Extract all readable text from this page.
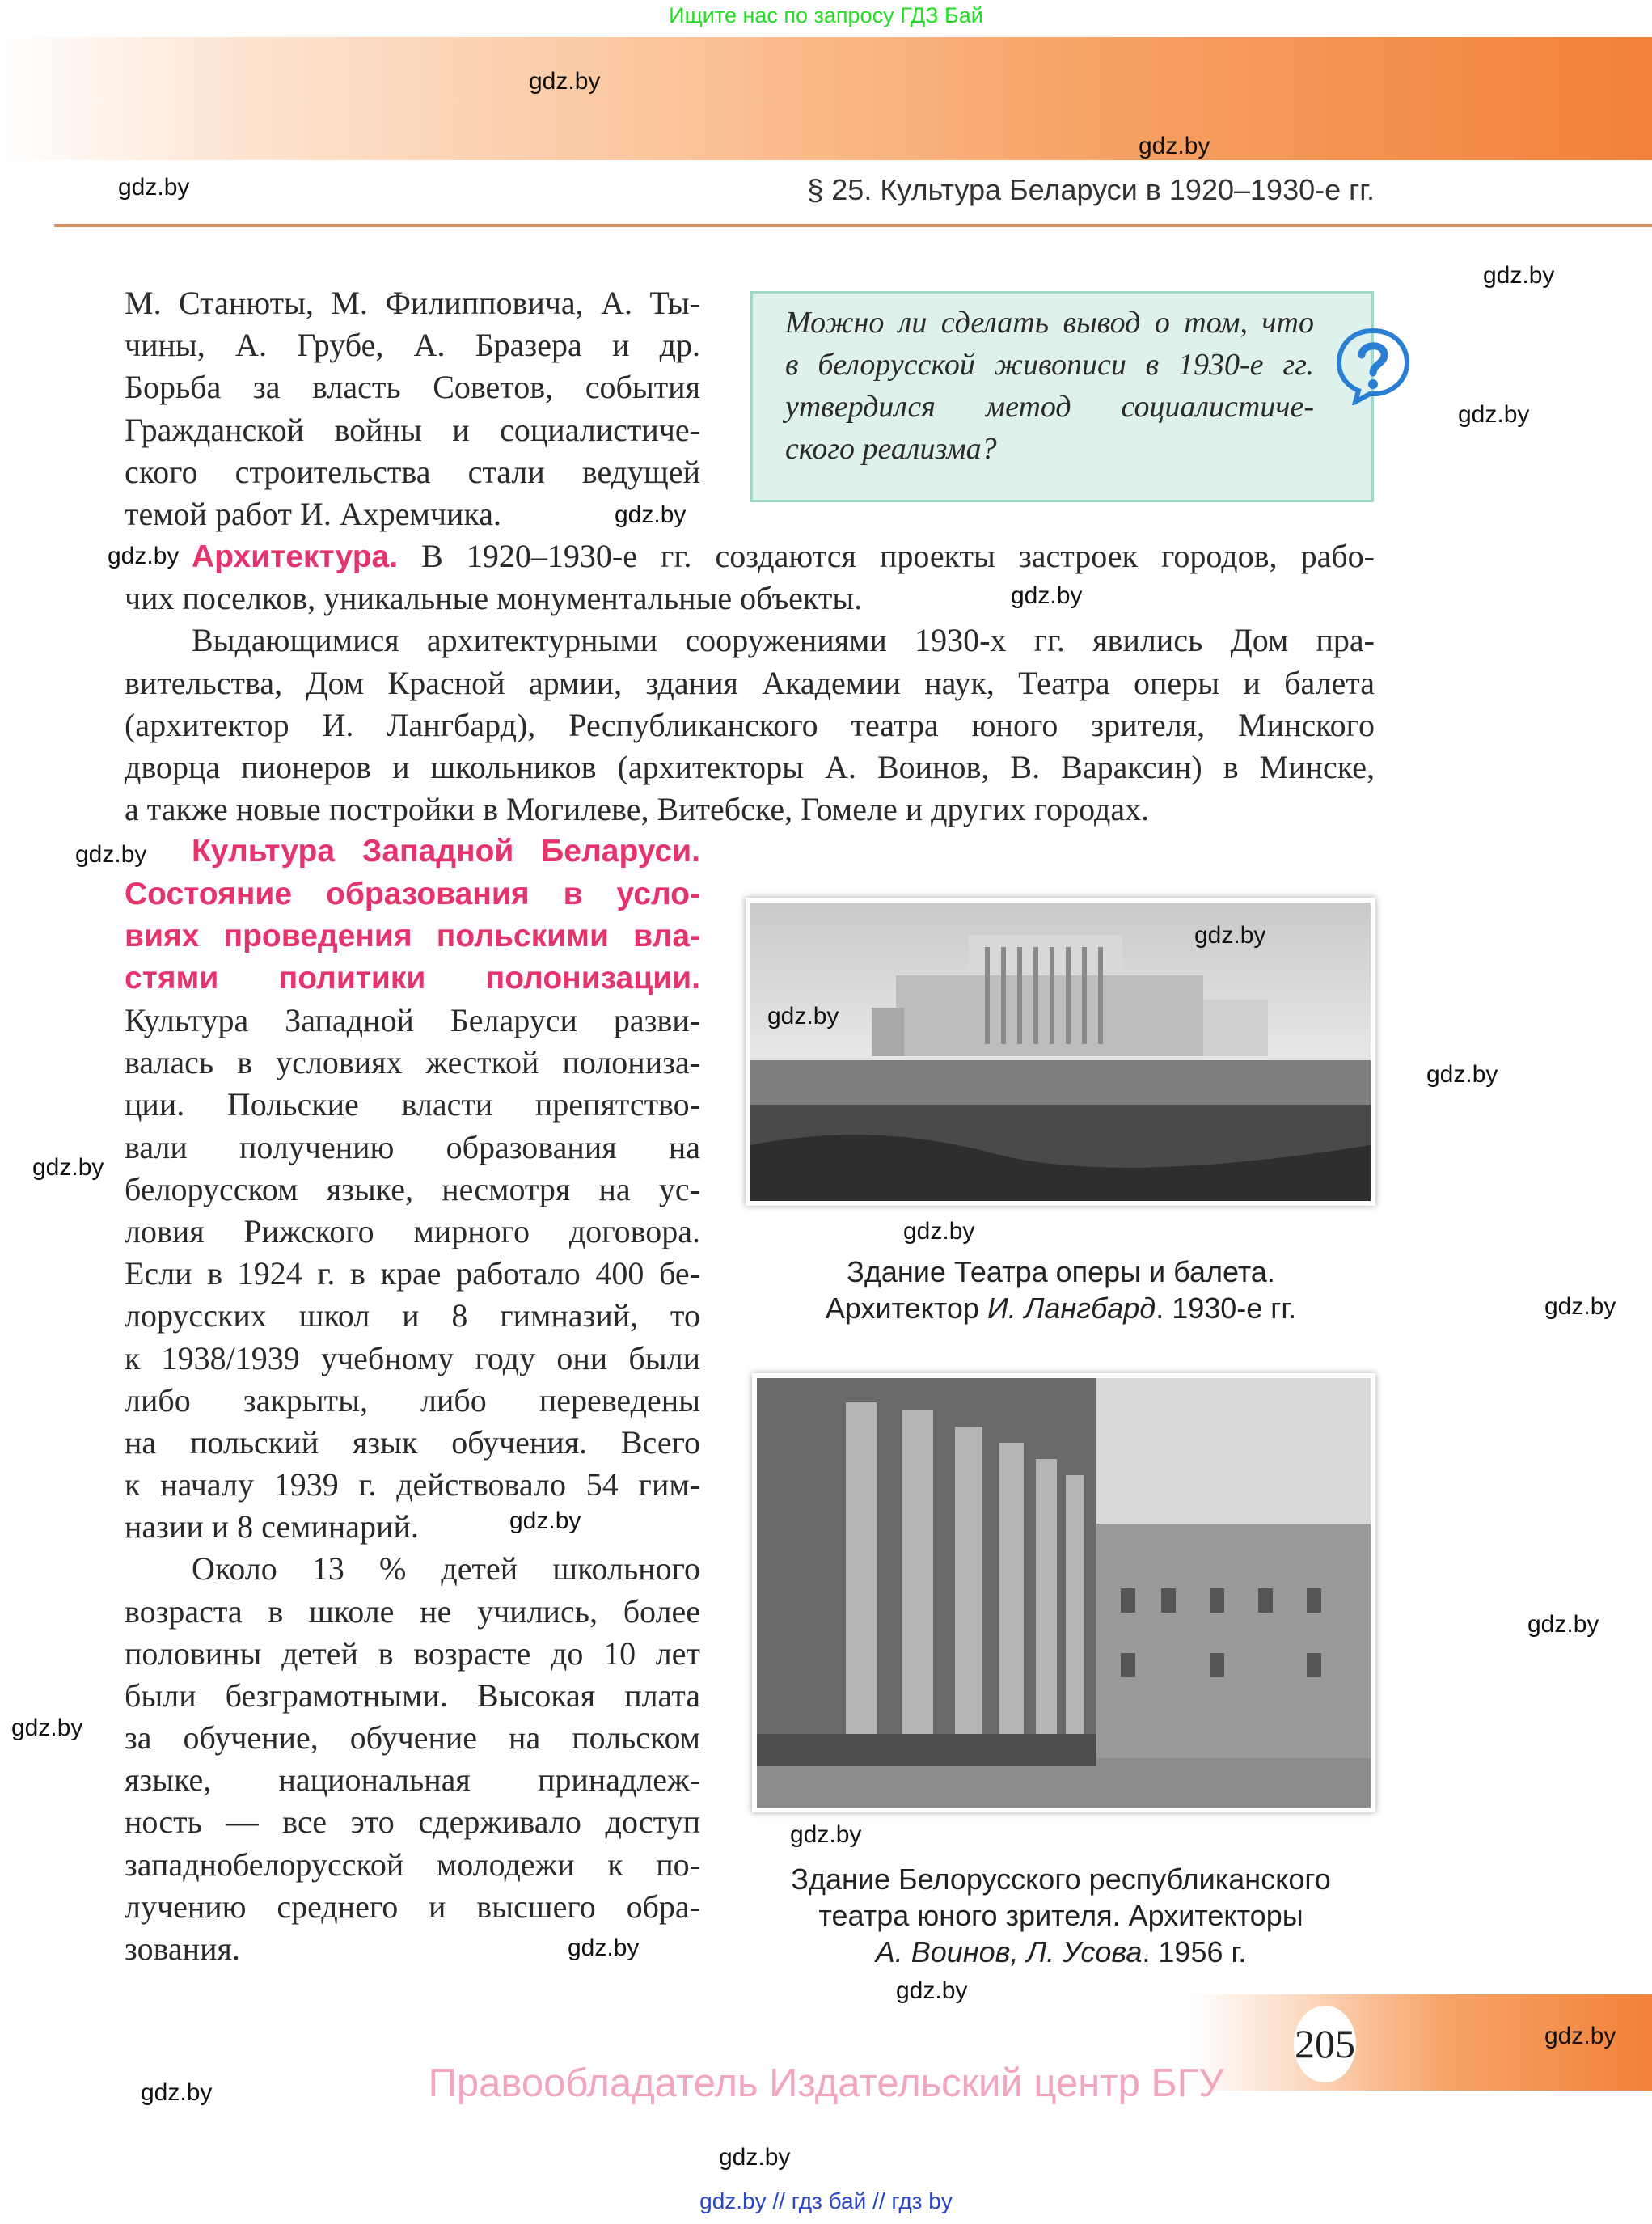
Ищите нас по запросу ГДЗ Бай
§ 25. Культура Беларуси в 1920–1930-е гг.
М. Станюты, М. Филипповича, А. Ты-
чины, А. Грубе, А. Бразера и др.
Борьба за власть Советов, события
Гражданской войны и социалистиче-
ского строительства стали ведущей
темой работ И. Ахремчика.
Архитектура. В 1920–1930-е гг. создаются проекты застроек городов, рабо-
чих поселков, уникальные монументальные объекты.
Выдающимися архитектурными сооружениями 1930-х гг. явились Дом пра-
вительства, Дом Красной армии, здания Академии наук, Театра оперы и балета
(архитектор И. Лангбард), Республиканского театра юного зрителя, Минского
дворца пионеров и школьников (архитекторы А. Воинов, В. Вараксин) в Минске,
а также новые постройки в Могилеве, Витебске, Гомеле и других городах.
Культура Западной Беларуси.
Состояние образования в усло-
виях проведения польскими вла-
стями политики полонизации.
Культура Западной Беларуси разви-
валась в условиях жесткой полониза-
ции. Польские власти препятство-
вали получению образования на
белорусском языке, несмотря на ус-
ловия Рижского мирного договора.
Если в 1924 г. в крае работало 400 бе-
лорусских школ и 8 гимназий, то
к 1938/1939 учебному году они были
либо закрыты, либо переведены
на польский язык обучения. Всего
к началу 1939 г. действовало 54 гим-
назии и 8 семинарий.
Около 13 % детей школьного
возраста в школе не учились, более
половины детей в возрасте до 10 лет
были безграмотными. Высокая плата
за обучение, обучение на польском
языке, национальная принадлеж-
ность — все это сдерживало доступ
западнобелорусской молодежи к по-
лучению среднего и высшего обра-
зования.
Можно ли сделать вывод о том, что
в белорусской живописи в 1930-е гг.
утвердился метод социалистиче-
ского реализма?
Здание Театра оперы и балета.
Архитектор И. Лангбард. 1930-е гг.
Здание Белорусского республиканского
театра юного зрителя. Архитекторы
А. Воинов, Л. Усова. 1956 г.
205
Правообладатель Издательский центр БГУ
gdz.by // гдз бай // гдз by
gdz.by
gdz.by
gdz.by
gdz.by
gdz.by
gdz.by
gdz.by
gdz.by
gdz.by
gdz.by
gdz.by
gdz.by
gdz.by
gdz.by
gdz.by
gdz.by
gdz.by
gdz.by
gdz.by
gdz.by
gdz.by
gdz.by
gdz.by
gdz.by
